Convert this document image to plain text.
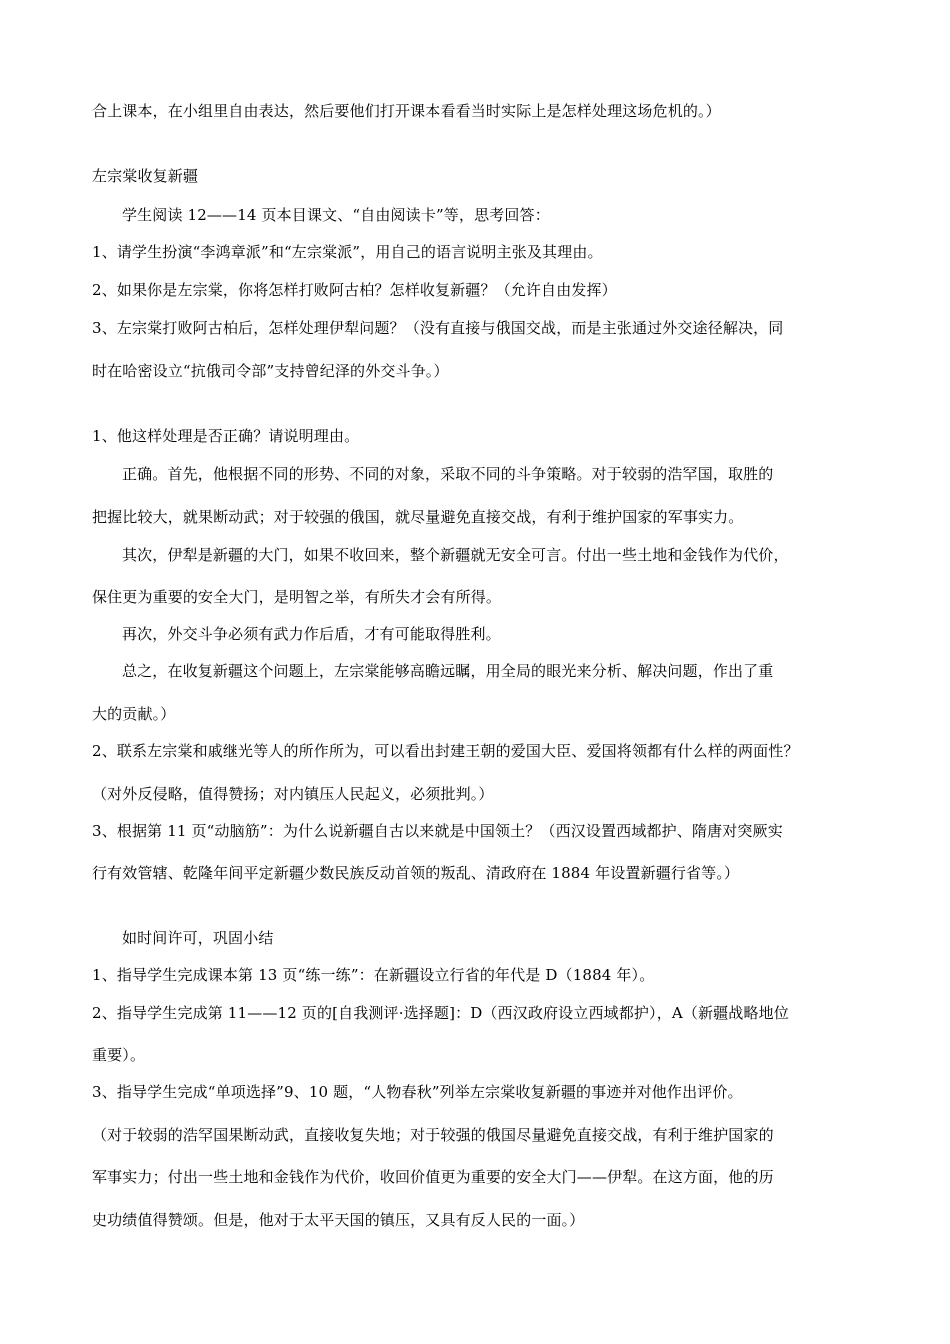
合上课本，在小组里自由表达，然后要他们打开课本看看当时实际上是怎样处理这场危机的。）
左宗棠收复新疆
学生阅读 12——14 页本目课文、“自由阅读卡”等，思考回答：
1、请学生扮演“李鸿章派”和“左宗棠派”，用自己的语言说明主张及其理由。
2、如果你是左宗棠，你将怎样打败阿古柏？怎样收复新疆？（允许自由发挥）
3、左宗棠打败阿古柏后，怎样处理伊犁问题？（没有直接与俄国交战，而是主张通过外交途径解决，同
时在哈密设立“抗俄司令部”支持曾纪泽的外交斗争。）
1、他这样处理是否正确？请说明理由。
正确。首先，他根据不同的形势、不同的对象，采取不同的斗争策略。对于较弱的浩罕国，取胜的
把握比较大，就果断动武；对于较强的俄国，就尽量避免直接交战，有利于维护国家的军事实力。
其次，伊犁是新疆的大门，如果不收回来，整个新疆就无安全可言。付出一些土地和金钱作为代价，
保住更为重要的安全大门，是明智之举，有所失才会有所得。
再次，外交斗争必须有武力作后盾，才有可能取得胜利。
总之，在收复新疆这个问题上，左宗棠能够高瞻远瞩，用全局的眼光来分析、解决问题，作出了重
大的贡献。）
2、联系左宗棠和戚继光等人的所作所为，可以看出封建王朝的爱国大臣、爱国将领都有什么样的两面性？
（对外反侵略，值得赞扬；对内镇压人民起义，必须批判。）
3、根据第 11 页“动脑筋”：为什么说新疆自古以来就是中国领土？（西汉设置西域都护、隋唐对突厥实
行有效管辖、乾隆年间平定新疆少数民族反动首领的叛乱、清政府在 1884 年设置新疆行省等。）
如时间许可，巩固小结
1、指导学生完成课本第 13 页“练一练”：在新疆设立行省的年代是 D（1884 年）。
2、指导学生完成第 11——12 页的[自我测评·选择题]：D（西汉政府设立西域都护），A（新疆战略地位
重要）。
3、指导学生完成“单项选择”9、10 题，“人物春秋”列举左宗棠收复新疆的事迹并对他作出评价。
（对于较弱的浩罕国果断动武，直接收复失地；对于较强的俄国尽量避免直接交战，有利于维护国家的
军事实力；付出一些土地和金钱作为代价，收回价值更为重要的安全大门——伊犁。在这方面，他的历
史功绩值得赞颂。但是，他对于太平天国的镇压，又具有反人民的一面。）
